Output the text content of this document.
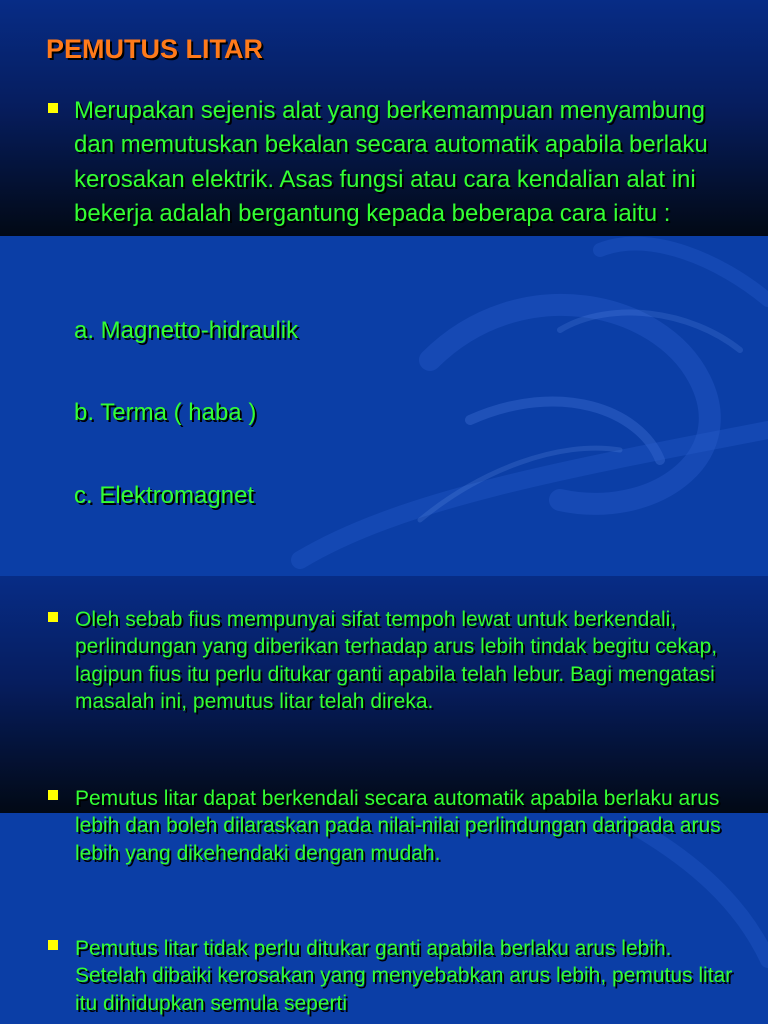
PEMUTUS LITAR

Merupakan sejenis alat yang berkemampuan menyambung dan memutuskan bekalan secara automatik apabila berlaku kerosakan elektrik. Asas fungsi atau cara kendalian alat ini bekerja adalah bergantung kepada beberapa cara iaitu :

a. Magnetto-hidraulik

b. Terma ( haba )

c. Elektromagnet

Oleh sebab fius mempunyai sifat tempoh lewat untuk berkendali, perlindungan yang diberikan terhadap arus lebih tindak begitu cekap, lagipun fius itu perlu ditukar ganti apabila telah lebur. Bagi mengatasi masalah ini, pemutus litar telah direka.

Pemutus litar dapat berkendali secara automatik apabila berlaku arus lebih dan boleh dilaraskan pada nilai-nilai perlindungan daripada arus lebih yang dikehendaki dengan mudah.

Pemutus litar tidak perlu ditukar ganti apabila berlaku arus lebih. Setelah dibaiki kerosakan yang menyebabkan arus lebih, pemutus litar itu dihidupkan semula seperti
